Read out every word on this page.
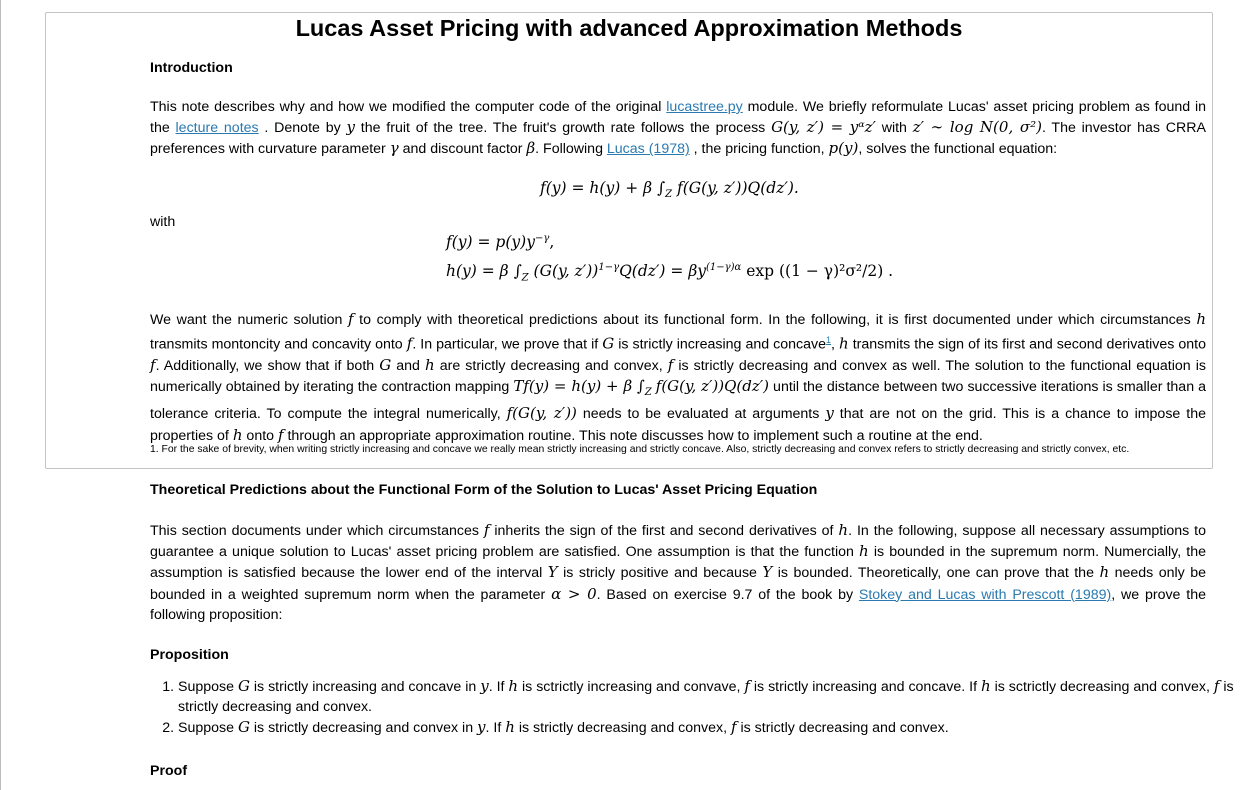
Lucas Asset Pricing with advanced Approximation Methods
Introduction

This note describes why and how we modified the computer code of the original lucastree.py module. We briefly reformulate Lucas' asset pricing problem as found in the lecture notes . Denote by y the fruit of the tree. The fruit's growth rate follows the process G(y, z′) = yᵅz′ with z′ ∼ log N(0, σ²). The investor has CRRA preferences with curvature parameter γ and discount factor β. Following Lucas (1978) , the pricing function, p(y), solves the functional equation:

f(y) = h(y) + β $\int_Z$ f(G(y, z′))Q(dz′).
with
$f(y) = p(y)y^{-\gamma}$,
h(y) = β $\int_Z$ (G(y, $z'))^{1-\gamma}Q(dz') = \beta y^{(1-\gamma)\alpha}$ exp ((1 − γ)²σ²/2) .

We want the numeric solution f to comply with theoretical predictions about its functional form. In the following, it is first documented under which circumstances h transmits montoncity and concavity onto f. In particular, we prove that if G is strictly increasing and concave$^1$, h transmits the sign of its first and second derivatives onto f. Additionally, we show that if both G and h are strictly decreasing and convex, f is strictly decreasing and convex as well. The solution to the functional equation is numerically obtained by iterating the contraction mapping Tf(y) = h(y) + β $\int_Z$ f(G(y, z′))Q(dz′) until the distance between two successive iterations is smaller than a tolerance criteria. To compute the integral numerically, f(G(y, z′)) needs to be evaluated at arguments y that are not on the grid. This is a chance to impose the properties of h onto f through an appropriate approximation routine. This note discusses how to implement such a routine at the end.

1. For the sake of brevity, when writing strictly increasing and concave we really mean strictly increasing and strictly concave. Also, strictly decreasing and convex refers to strictly decreasing and strictly convex, etc.

Theoretical Predictions about the Functional Form of the Solution to Lucas' Asset Pricing Equation

This section documents under which circumstances f inherits the sign of the first and second derivatives of h. In the following, suppose all necessary assumptions to guarantee a unique solution to Lucas' asset pricing problem are satisfied. One assumption is that the function h is bounded in the supremum norm. Numercially, the assumption is satisfied because the lower end of the interval Y is stricly positive and because Y is bounded. Theoretically, one can prove that the h needs only be bounded in a weighted supremum norm when the parameter α > 0. Based on exercise 9.7 of the book by Stokey and Lucas with Prescott (1989), we prove the following proposition:

Proposition
1. Suppose G is strictly increasing and concave in y. If h is sctrictly increasing and convave, f is strictly increasing and concave. If h is sctrictly decreasing and convex, f is strictly decreasing and convex.
2. Suppose G is strictly decreasing and convex in y. If h is strictly decreasing and convex, f is strictly decreasing and convex.
Proof
